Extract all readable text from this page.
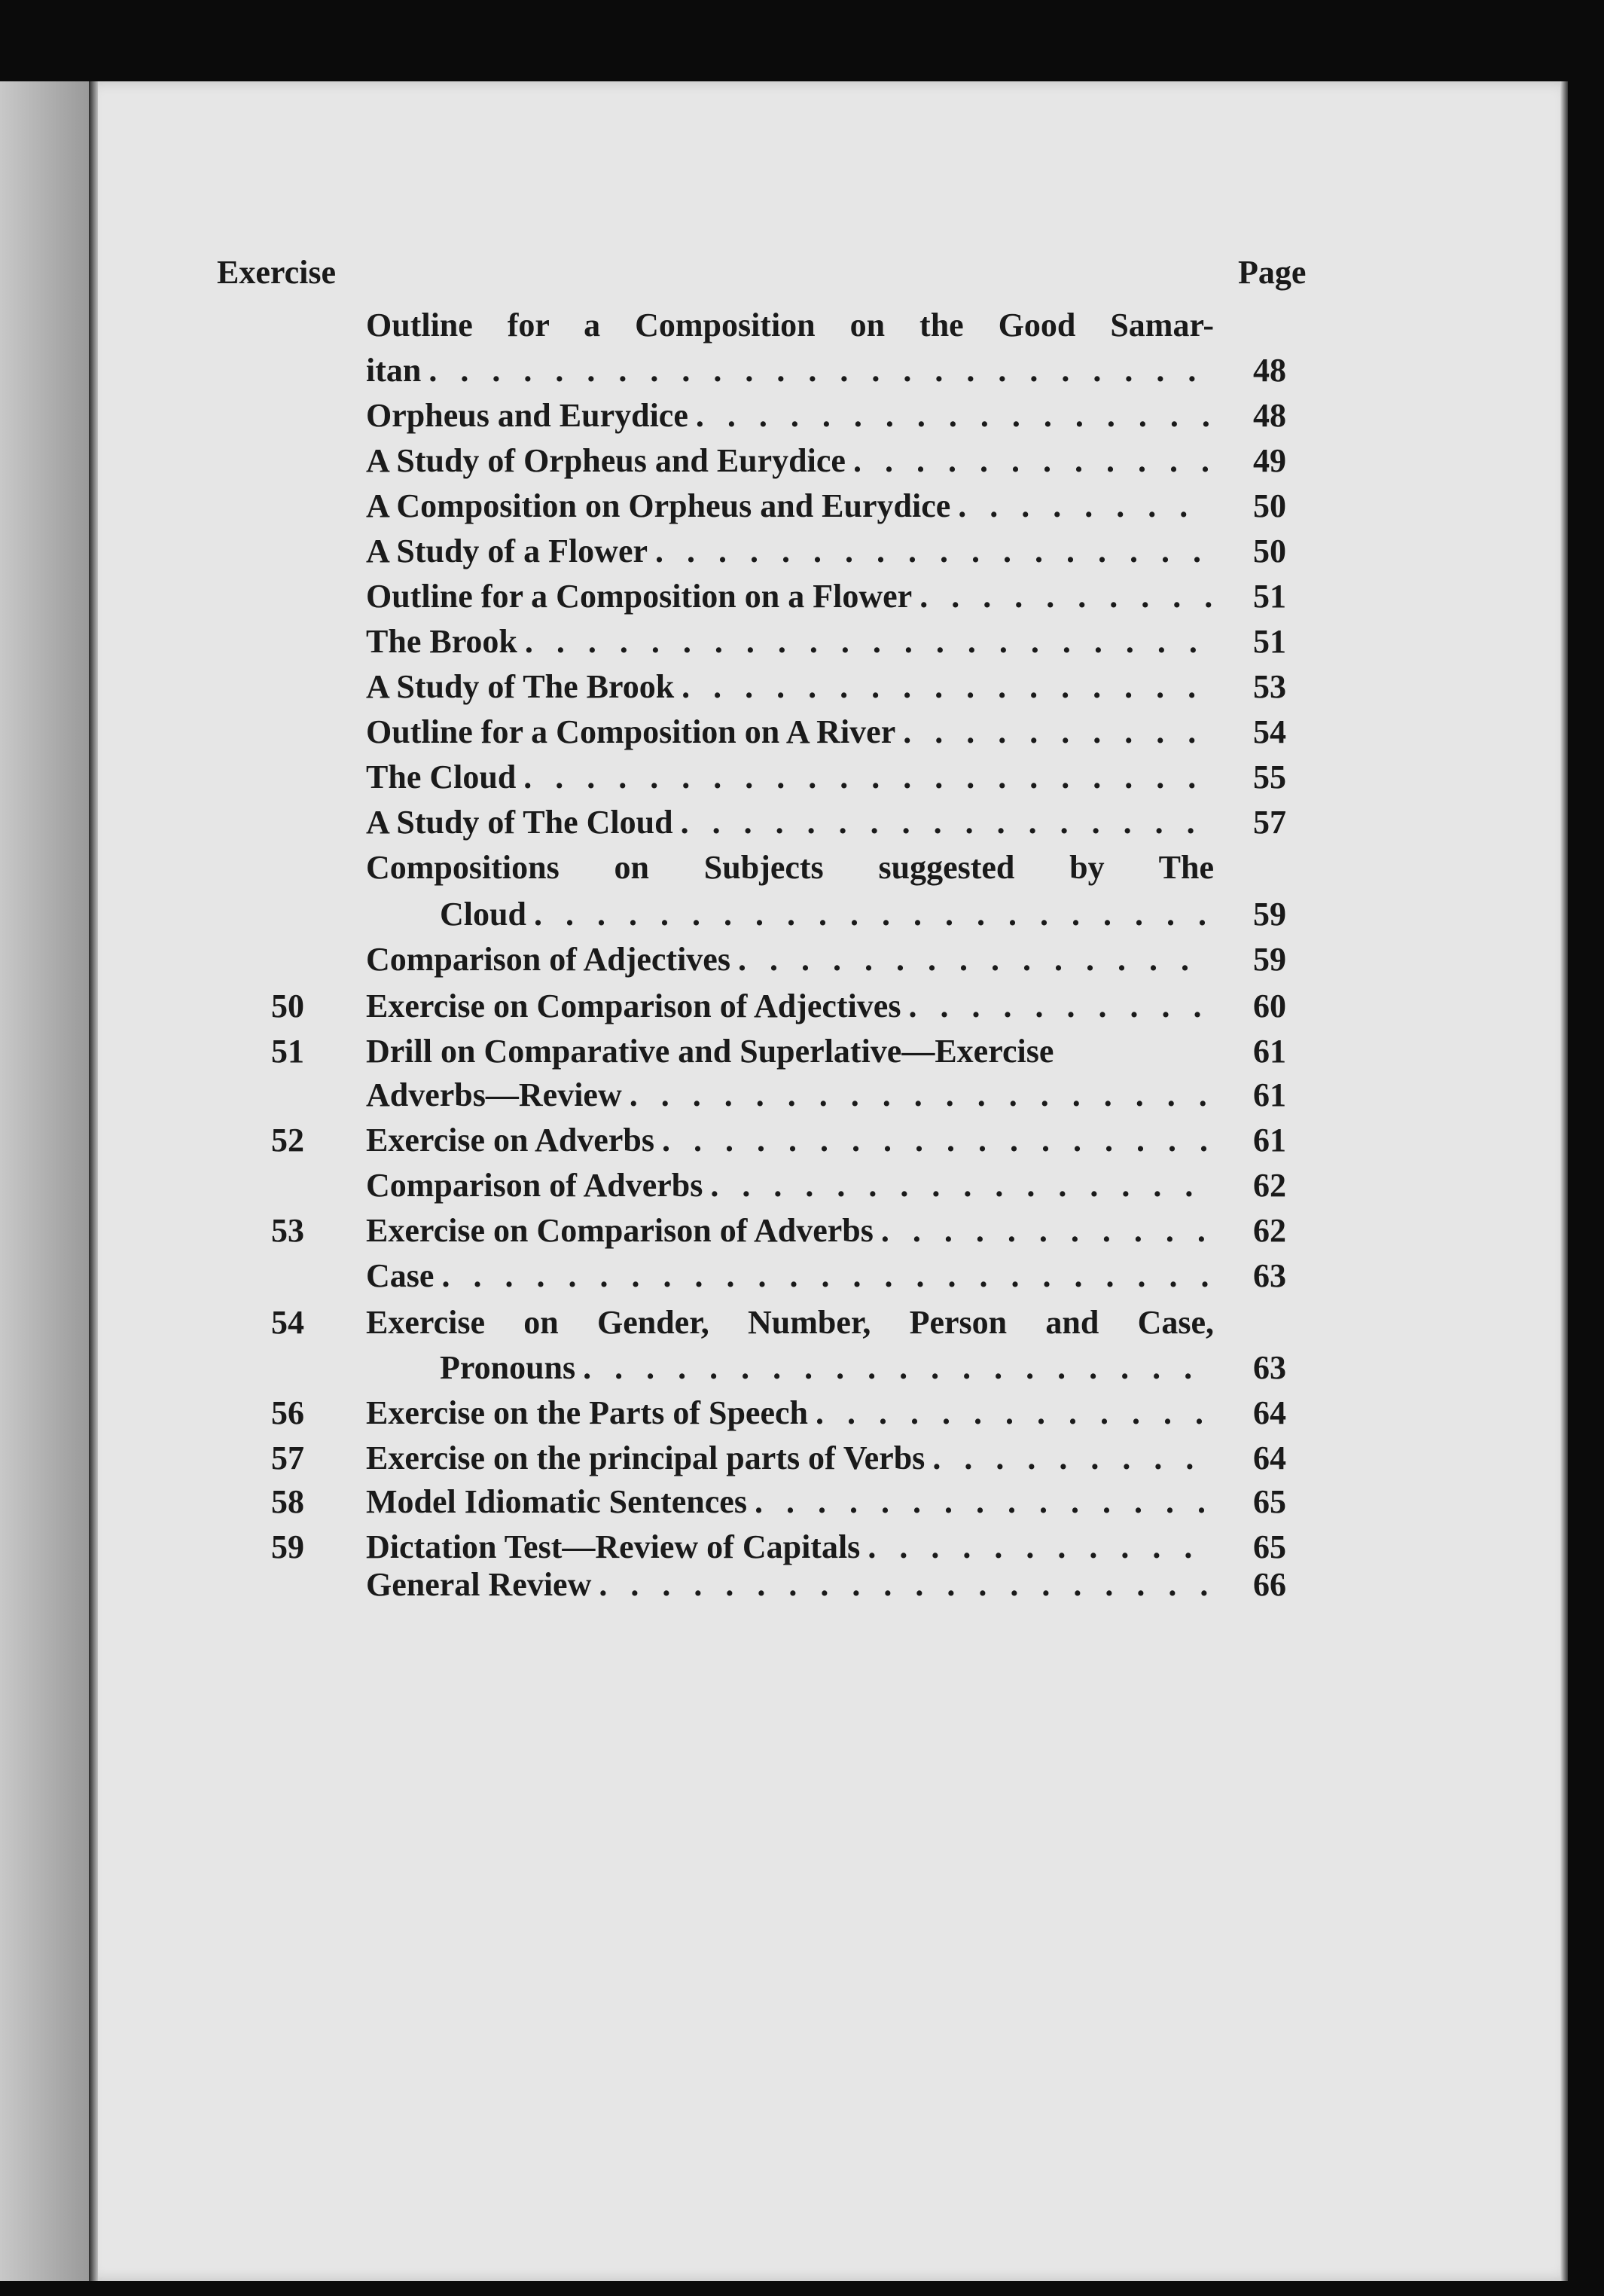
Exercise	Page
Outline for a Composition on the Good Samar-
itan . . .	48
Orpheus and Eurydice . . .	48
A Study of Orpheus and Eurydice . . .	49
A Composition on Orpheus and Eurydice . . .	50
A Study of a Flower . . .	50
Outline for a Composition on a Flower . . .	51
The Brook . . .	51
A Study of The Brook . . .	53
Outline for a Composition on A River . . .	54
The Cloud . . .	55
A Study of The Cloud . . .	57
Compositions on Subjects suggested by The
Cloud . . .	59
Comparison of Adjectives . . .	59
50	Exercise on Comparison of Adjectives . . .	60
51	Drill on Comparative and Superlative—Exercise	61
Adverbs—Review . . .	61
52	Exercise on Adverbs . . .	61
Comparison of Adverbs . . .	62
53	Exercise on Comparison of Adverbs . . .	62
Case . . .	63
54	Exercise on Gender, Number, Person and Case,
Pronouns . . .	63
56	Exercise on the Parts of Speech . . .	64
57	Exercise on the principal parts of Verbs . . .	64
58	Model Idiomatic Sentences . . .	65
59	Dictation Test—Review of Capitals . . .	65
General Review . . .	66
